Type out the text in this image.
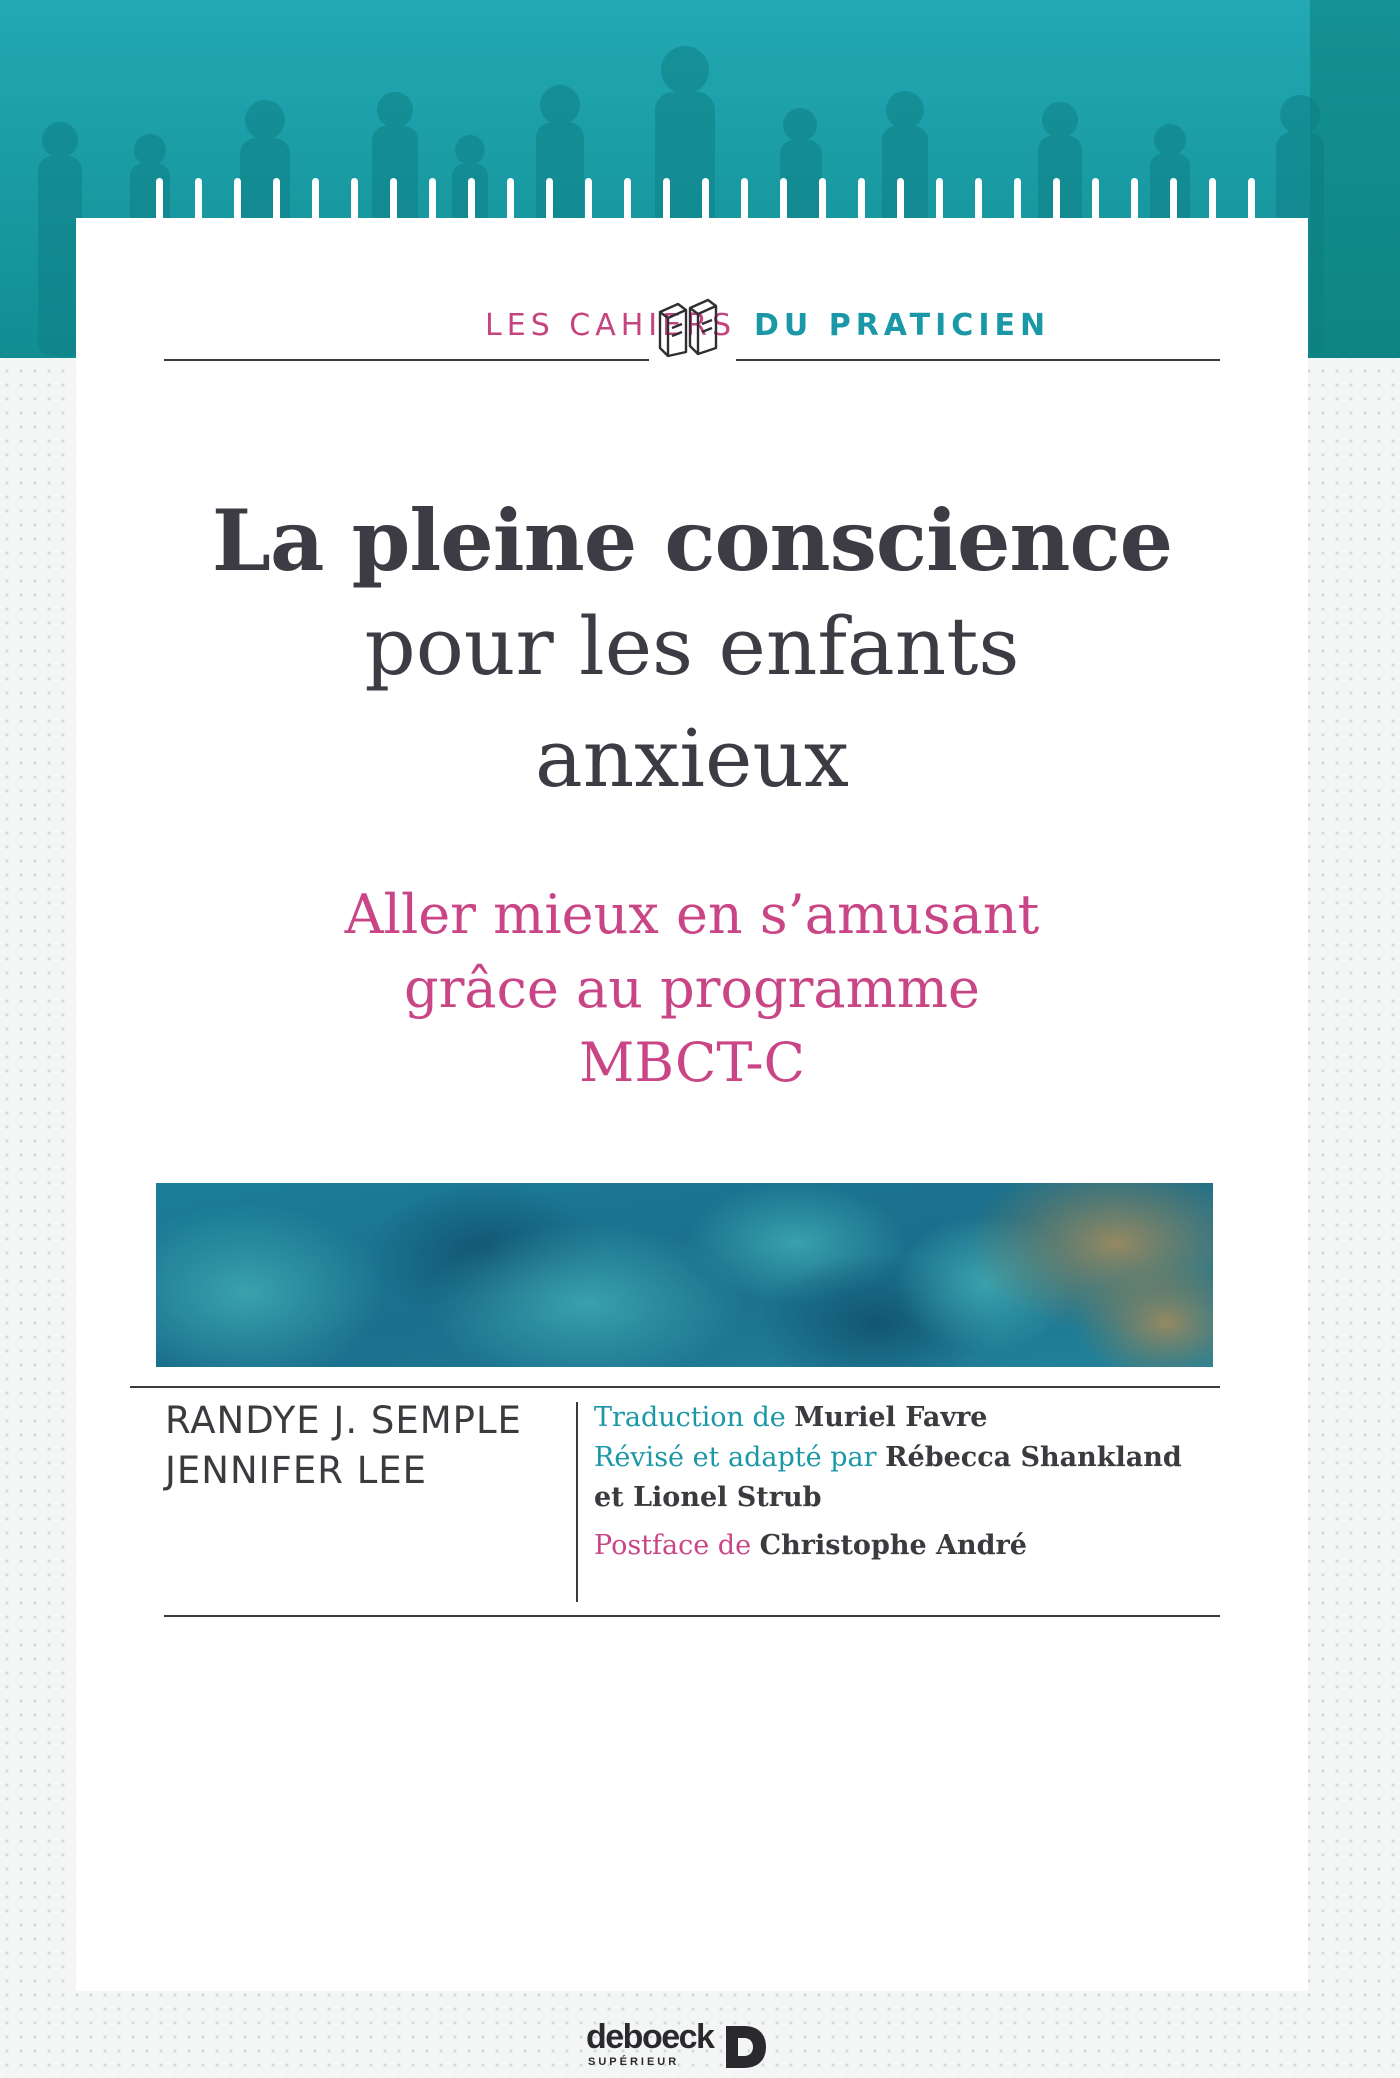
LES CAHIERS DU PRATICIEN
La pleine conscience
pour les enfants
anxieux
Aller mieux en s’amusant
grâce au programme
MBCT-C
RANDYE J. SEMPLE
JENNIFER LEE
Traduction de Muriel Favre
Révisé et adapté par Rébecca Shankland
et Lionel Strub
Postface de Christophe André
deboeck
SUPÉRIEUR
